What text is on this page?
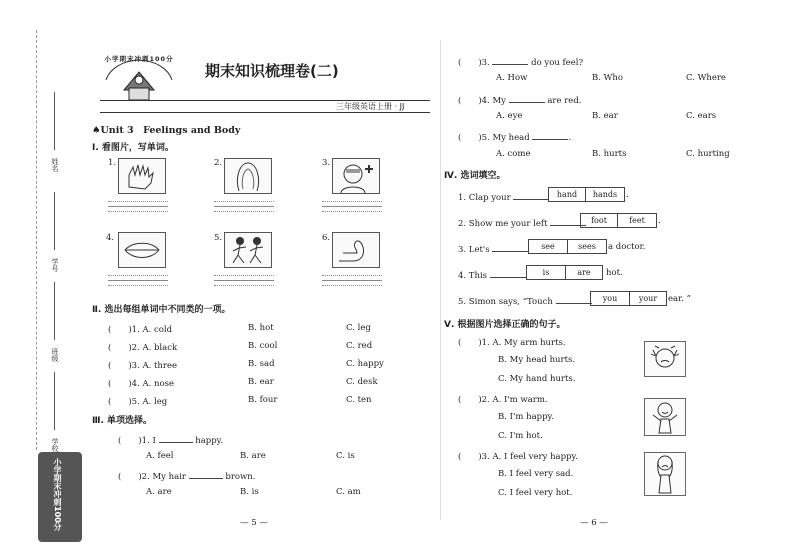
姓名
学号
班级
学校
小学期末冲刺100分
小学期末冲刺100分
期末知识梳理卷(二)
三年级英语上册 · JJ
♠Unit 3　Feelings and Body
Ⅰ. 看图片，写单词。
1.	2.	3.
4.	5.	6.
Ⅱ. 选出每组单词中不同类的一项。
(　　)1. A. cold	B. hot	C. leg
(　　)2. A. black	B. cool	C. red
(　　)3. A. three	B. sad	C. happy
(　　)4. A. nose	B. ear	C. desk
(　　)5. A. leg	B. four	C. ten
Ⅲ. 单项选择。
(　　)1. I	happy.
A. feel	B. are	C. is
(　　)2. My hair	brown.
A. are	B. is	C. am
— 5 —
(　　)3.	do you feel?
A. How	B. Who	C. Where
(　　)4. My	are red.
A. eye	B. ear	C. ears
(　　)5. My head	.
A. come	B. hurts	C. hurting
Ⅳ. 选词填空。
1. Clap your	hand	hands	.
2. Show me your left	foot	feet	.
3. Let's	see	sees	a doctor.
4. This	is	are	hot.
5. Simon says, “Touch	you	your	ear. ”
Ⅴ. 根据图片选择正确的句子。
(　　)1. A. My arm hurts.
B. My head hurts.
C. My hand hurts.
(　　)2. A. I'm warm.
B. I'm happy.
C. I'm hot.
(　　)3. A. I feel very happy.
B. I feel very sad.
C. I feel very hot.
— 6 —
